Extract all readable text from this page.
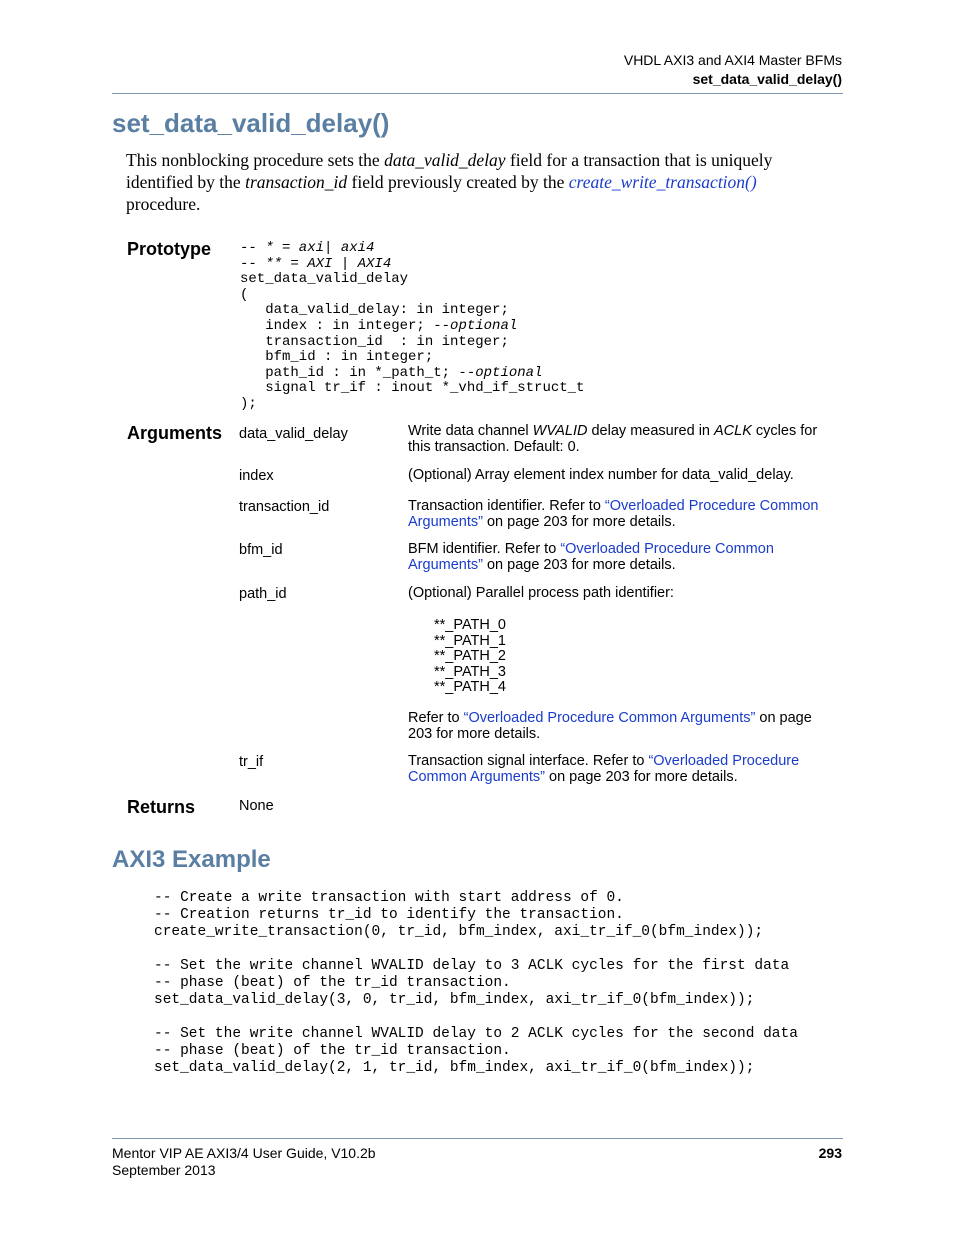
VHDL AXI3 and AXI4 Master BFMs
set_data_valid_delay()
set_data_valid_delay()
This nonblocking procedure sets the data_valid_delay field for a transaction that is uniquely identified by the transaction_id field previously created by the create_write_transaction() procedure.
Prototype -- * = axi| axi4
-- ** = AXI | AXI4
set_data_valid_delay
(
data_valid_delay: in integer;
index : in integer; --optional
transaction_id  : in integer;
bfm_id : in integer;
path_id : in *_path_t; --optional
signal tr_if : inout *_vhd_if_struct_t
);
Arguments data_valid_delay	Write data channel WVALID delay measured in ACLK cycles for this transaction. Default: 0.
index	(Optional) Array element index number for data_valid_delay.
transaction_id	Transaction identifier. Refer to “Overloaded Procedure Common Arguments” on page 203 for more details.
bfm_id	BFM identifier. Refer to “Overloaded Procedure Common Arguments” on page 203 for more details.
path_id	(Optional) Parallel process path identifier:
**_PATH_0
**_PATH_1
**_PATH_2
**_PATH_3
**_PATH_4
Refer to “Overloaded Procedure Common Arguments” on page 203 for more details.
tr_if	Transaction signal interface. Refer to “Overloaded Procedure Common Arguments” on page 203 for more details.
Returns	None
AXI3 Example
-- Create a write transaction with start address of 0.
-- Creation returns tr_id to identify the transaction.
create_write_transaction(0, tr_id, bfm_index, axi_tr_if_0(bfm_index));

-- Set the write channel WVALID delay to 3 ACLK cycles for the first data
-- phase (beat) of the tr_id transaction.
set_data_valid_delay(3, 0, tr_id, bfm_index, axi_tr_if_0(bfm_index));

-- Set the write channel WVALID delay to 2 ACLK cycles for the second data
-- phase (beat) of the tr_id transaction.
set_data_valid_delay(2, 1, tr_id, bfm_index, axi_tr_if_0(bfm_index));
Mentor VIP AE AXI3/4 User Guide, V10.2b
September 2013
293
